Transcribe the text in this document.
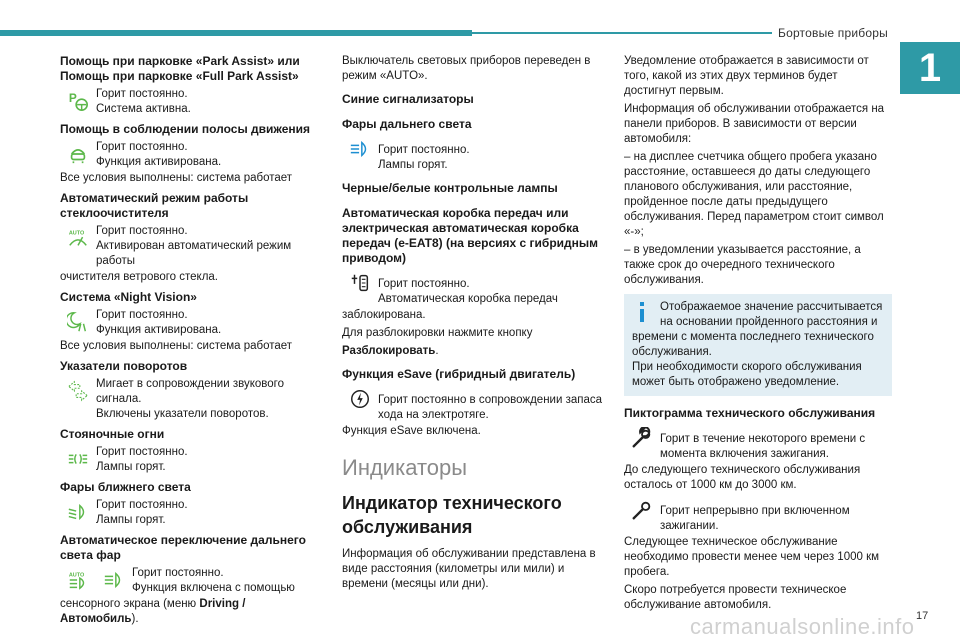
Бортовые приборы
1
Помощь при парковке «Park Assist» или
Помощь при парковке «Full Park Assist»
P Горит постоянно.

Система активна.

Помощь в соблюдении полосы движения

Горит постоянно.

Функция активирована.

Все условия выполнены: система работает

Автоматический режим работы
стеклоочистителя
AUTO Горит постоянно.

Активирован автоматический режим работы

очистителя ветрового стекла.

Система «Night Vision»

Горит постоянно.

Функция активирована.

Все условия выполнены: система работает

Указатели поворотов

Мигает в сопровождении звукового сигнала.

Включены указатели поворотов.

Стояночные огни

Горит постоянно.

Лампы горят.

Фары ближнего света

Горит постоянно.

Лампы горят.

Автоматическое переключение дальнего
света фар
AUTO	Горит постоянно.

Функция включена с помощью

сенсорного экрана (меню Driving /Автомобиль).

Выключатель световых приборов переведен в режим «AUTO».

Синие сигнализаторы
Фары дальнего света

Горит постоянно.

Лампы горят.

Черные/белые контрольные лампы
Автоматическая коробка передач или электрическая автоматическая коробка передач (e-EAT8) (на версиях с гибридным приводом)

Горит постоянно.

Автоматическая коробка передач

заблокирована.

Для разблокировки нажмите кнопку

Разблокировать.

Функция eSave (гибридный двигатель)

Горит постоянно в сопровождении запаса

хода на электротяге.

Функция eSave включена.

Индикаторы
Индикатор технического обслуживания

Информация об обслуживании представлена в виде расстояния (километры или мили) и времени (месяцы или дни).

Уведомление отображается в зависимости от того, какой из этих двух терминов будет достигнут первым.

Информация об обслуживании отображается на панели приборов. В зависимости от версии автомобиля:

– на дисплее счетчика общего пробега указано расстояние, оставшееся до даты следующего планового обслуживания, или расстояние, пройденное после даты предыдущего обслуживания. Перед параметром стоит символ «-»;

– в уведомлении указывается расстояние, а также срок до очередного технического обслуживания.

Отображаемое значение рассчитывается на основании пройденного расстояния и времени с момента последнего технического обслуживания.

При необходимости скорого обслуживания может быть отображено уведомление.

Пиктограмма технического обслуживания

Горит в течение некоторого времени с

момента включения зажигания.

До следующего технического обслуживания осталось от 1000 км до 3000 км.

Горит непрерывно при включенном

зажигании.

Следующее техническое обслуживание необходимо провести менее чем через 1000 км пробега.

Скоро потребуется провести техническое обслуживание автомобиля.

carmanualsonline.info 17
